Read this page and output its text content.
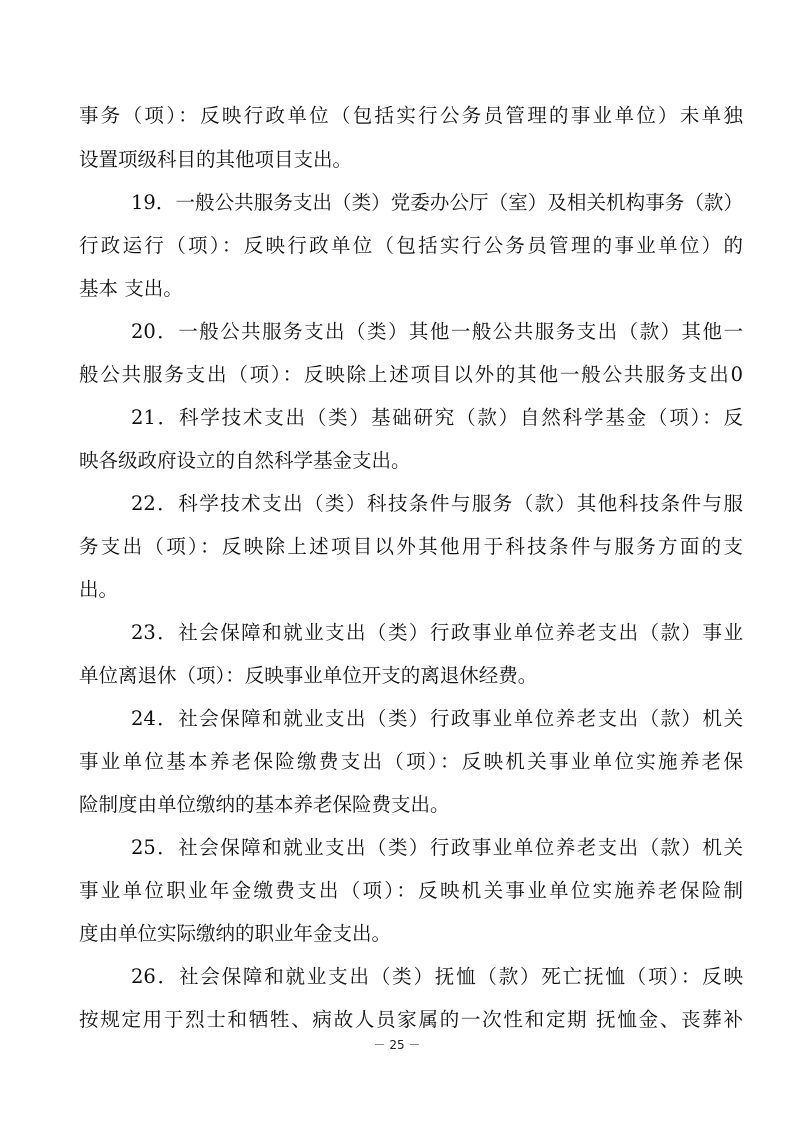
事务（项）：反映行政单位（包括实行公务员管理的事业单位）未单独
设置项级科目的其他项目支出。
19．一般公共服务支出（类）党委办公厅（室）及相关机构事务（款）
行政运行（项）：反映行政单位（包括实行公务员管理的事业单位）的
基本 支出。
20．一般公共服务支出（类）其他一般公共服务支出（款）其他一
般公共服务支出（项）：反映除上述项目以外的其他一般公共服务支出0
21．科学技术支出（类）基础研究（款）自然科学基金（项）：反
映各级政府设立的自然科学基金支出。
22．科学技术支出（类）科技条件与服务（款）其他科技条件与服
务支出（项）：反映除上述项目以外其他用于科技条件与服务方面的支
出。
23．社会保障和就业支出（类）行政事业单位养老支出（款）事业
单位离退休（项）：反映事业单位开支的离退休经费。
24．社会保障和就业支出（类）行政事业单位养老支出（款）机关
事业单位基本养老保险缴费支出（项）：反映机关事业单位实施养老保
险制度由单位缴纳的基本养老保险费支出。
25．社会保障和就业支出（类）行政事业单位养老支出（款）机关
事业单位职业年金缴费支出（项）：反映机关事业单位实施养老保险制
度由单位实际缴纳的职业年金支出。
26．社会保障和就业支出（类）抚恤（款）死亡抚恤（项）：反映
按规定用于烈士和牺牲、病故人员家属的一次性和定期 抚恤金、丧葬补
－ 25 －
